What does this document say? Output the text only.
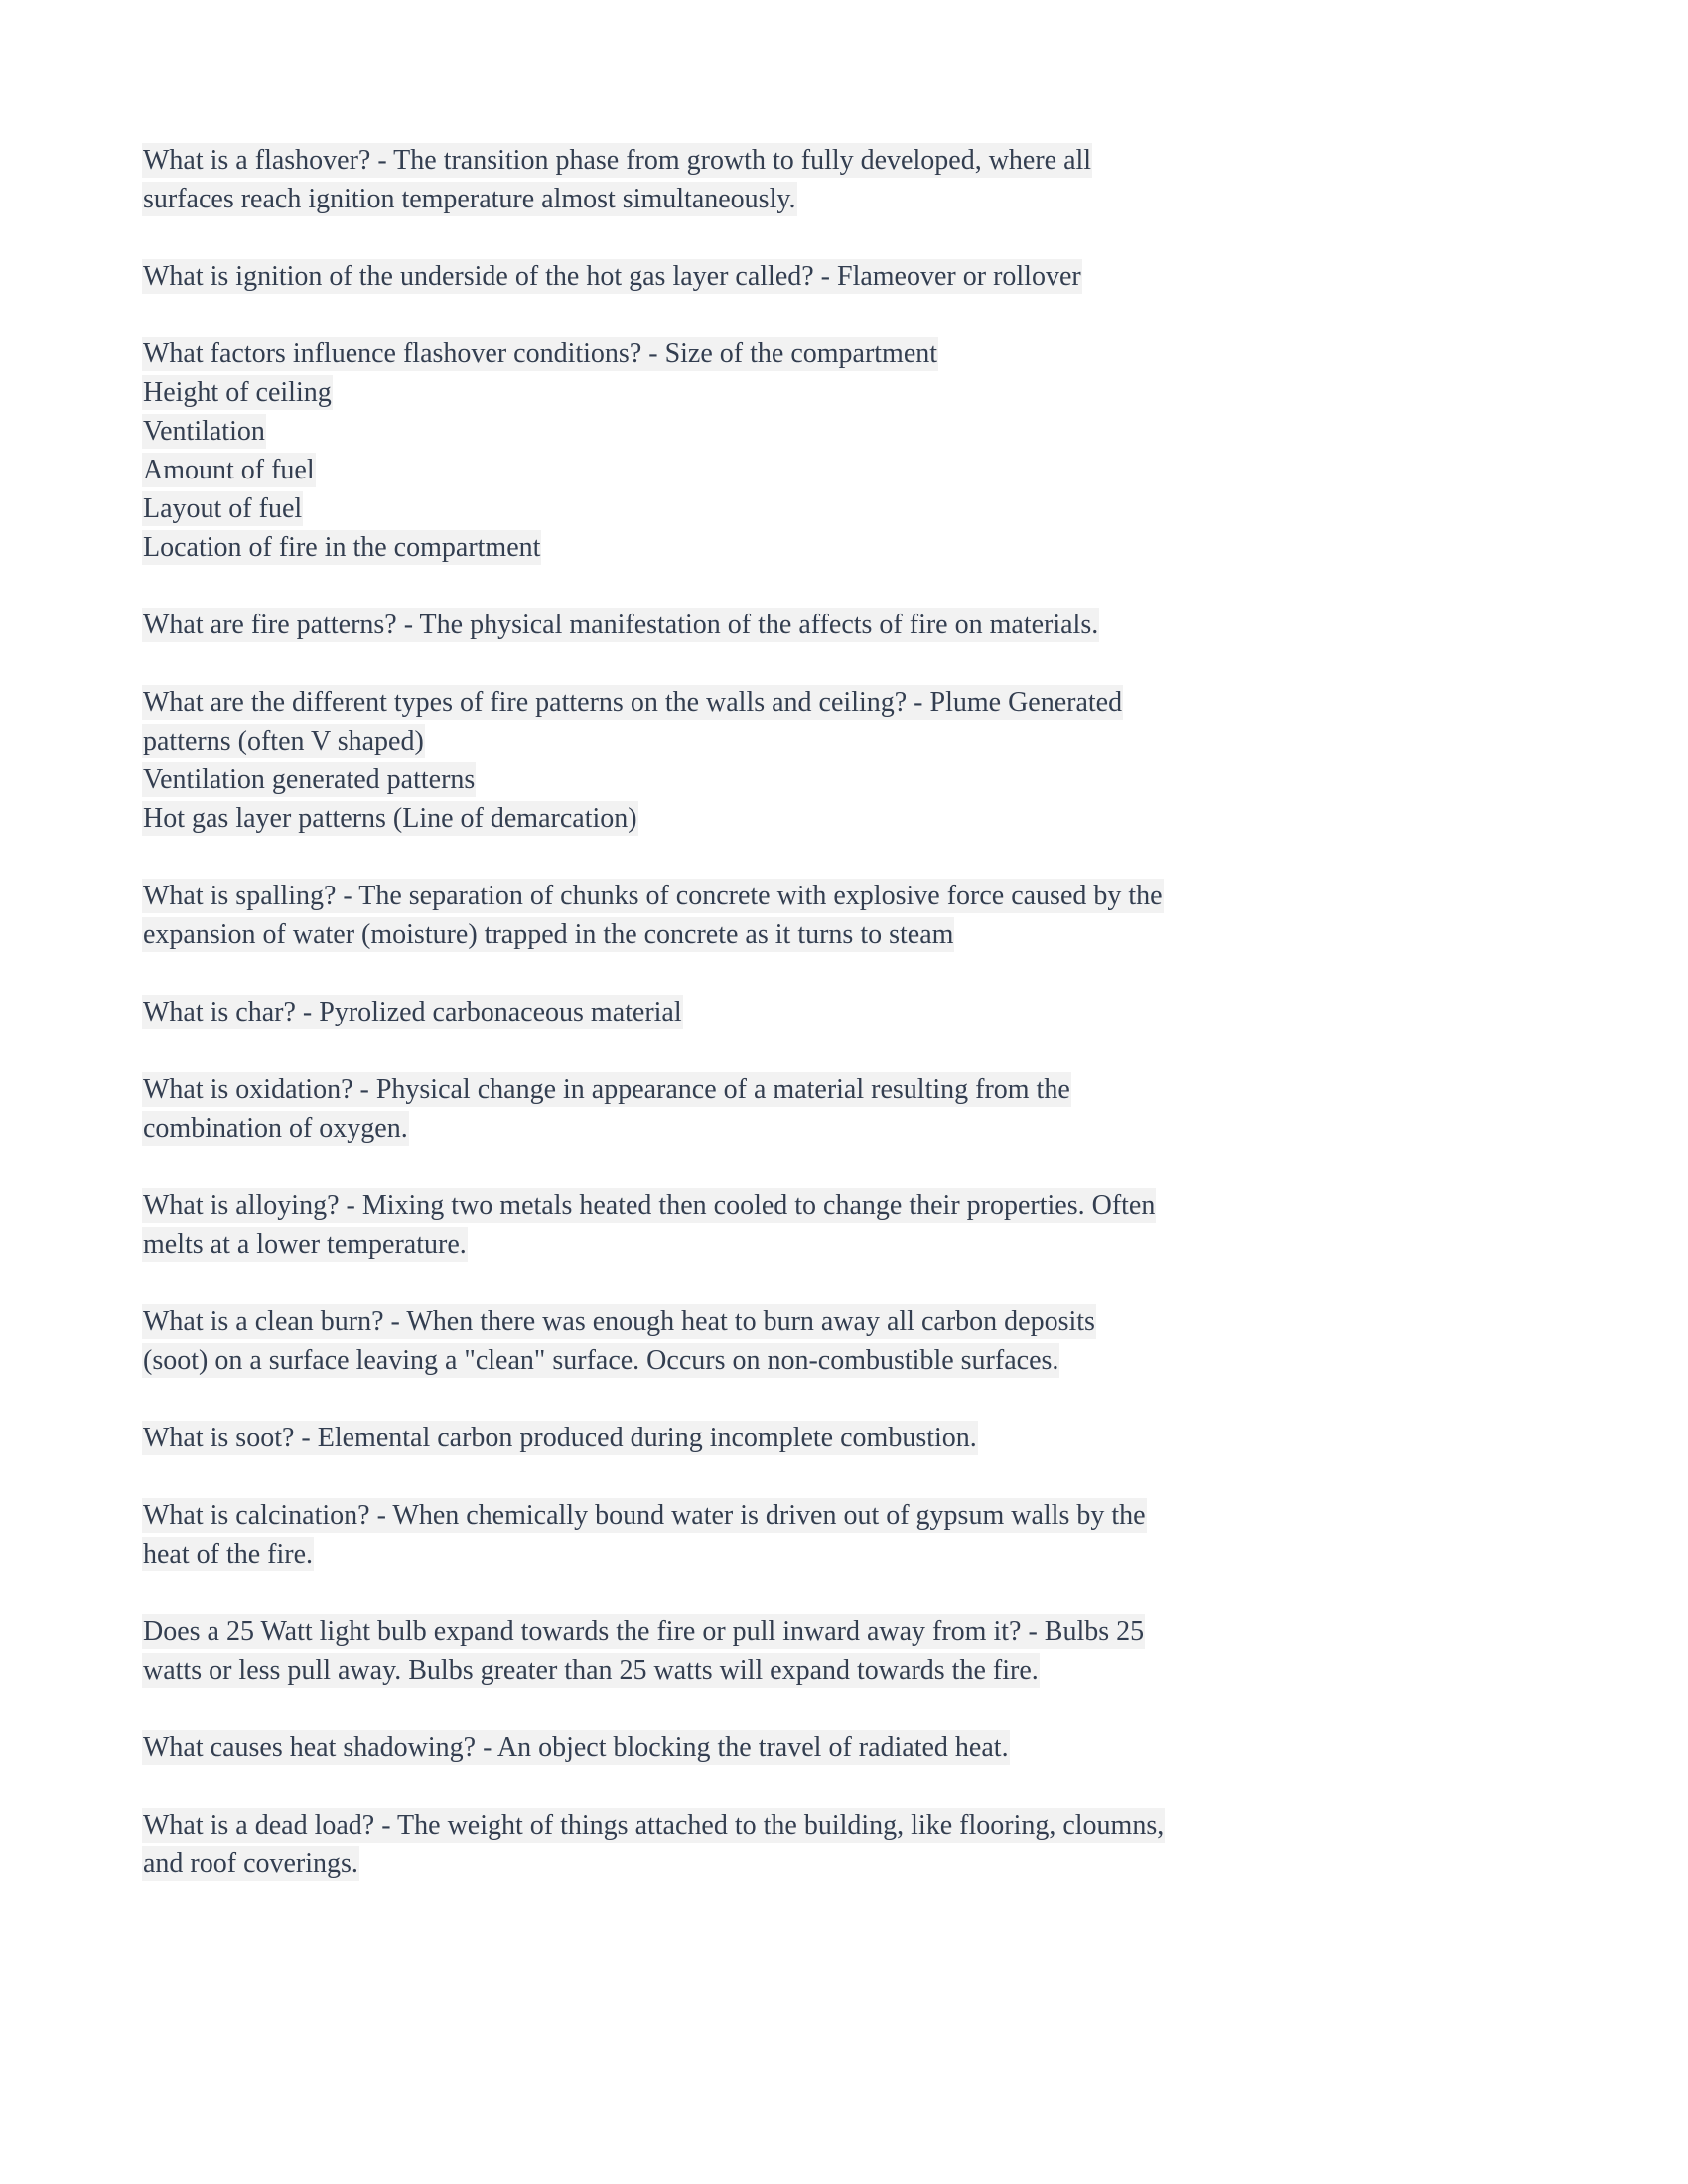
What is a flashover? - The transition phase from growth to fully developed, where all
surfaces reach ignition temperature almost simultaneously.
What is ignition of the underside of the hot gas layer called? - Flameover or rollover
What factors influence flashover conditions? - Size of the compartment
Height of ceiling
Ventilation
Amount of fuel
Layout of fuel
Location of fire in the compartment
What are fire patterns? - The physical manifestation of the affects of fire on materials.
What are the different types of fire patterns on the walls and ceiling? - Plume Generated
patterns (often V shaped)
Ventilation generated patterns
Hot gas layer patterns (Line of demarcation)
What is spalling? - The separation of chunks of concrete with explosive force caused by the
expansion of water (moisture) trapped in the concrete as it turns to steam
What is char? - Pyrolized carbonaceous material
What is oxidation? - Physical change in appearance of a material resulting from the
combination of oxygen.
What is alloying? - Mixing two metals heated then cooled to change their properties. Often
melts at a lower temperature.
What is a clean burn? - When there was enough heat to burn away all carbon deposits
(soot) on a surface leaving a "clean" surface. Occurs on non-combustible surfaces.
What is soot? - Elemental carbon produced during incomplete combustion.
What is calcination? - When chemically bound water is driven out of gypsum walls by the
heat of the fire.
Does a 25 Watt light bulb expand towards the fire or pull inward away from it? - Bulbs 25
watts or less pull away. Bulbs greater than 25 watts will expand towards the fire.
What causes heat shadowing? - An object blocking the travel of radiated heat.
What is a dead load? - The weight of things attached to the building, like flooring, cloumns,
and roof coverings.
